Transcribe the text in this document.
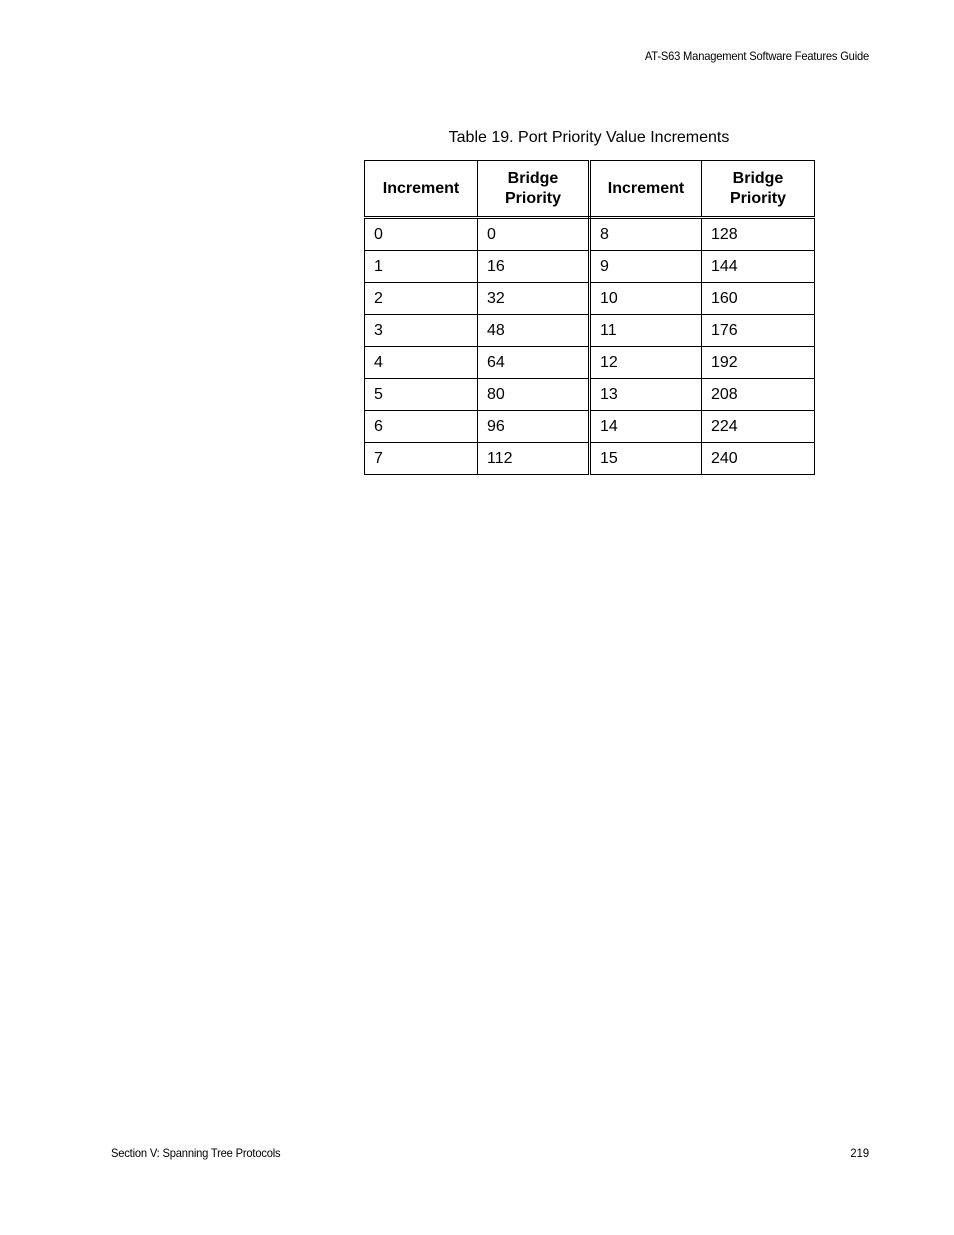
AT-S63 Management Software Features Guide
Table 19. Port Priority Value Increments
Increment	Bridge Priority	Increment	Bridge Priority
0	0	8	128
1	16	9	144
2	32	10	160
3	48	11	176
4	64	12	192
5	80	13	208
6	96	14	224
7	112	15	240
Section V: Spanning Tree Protocols	219
